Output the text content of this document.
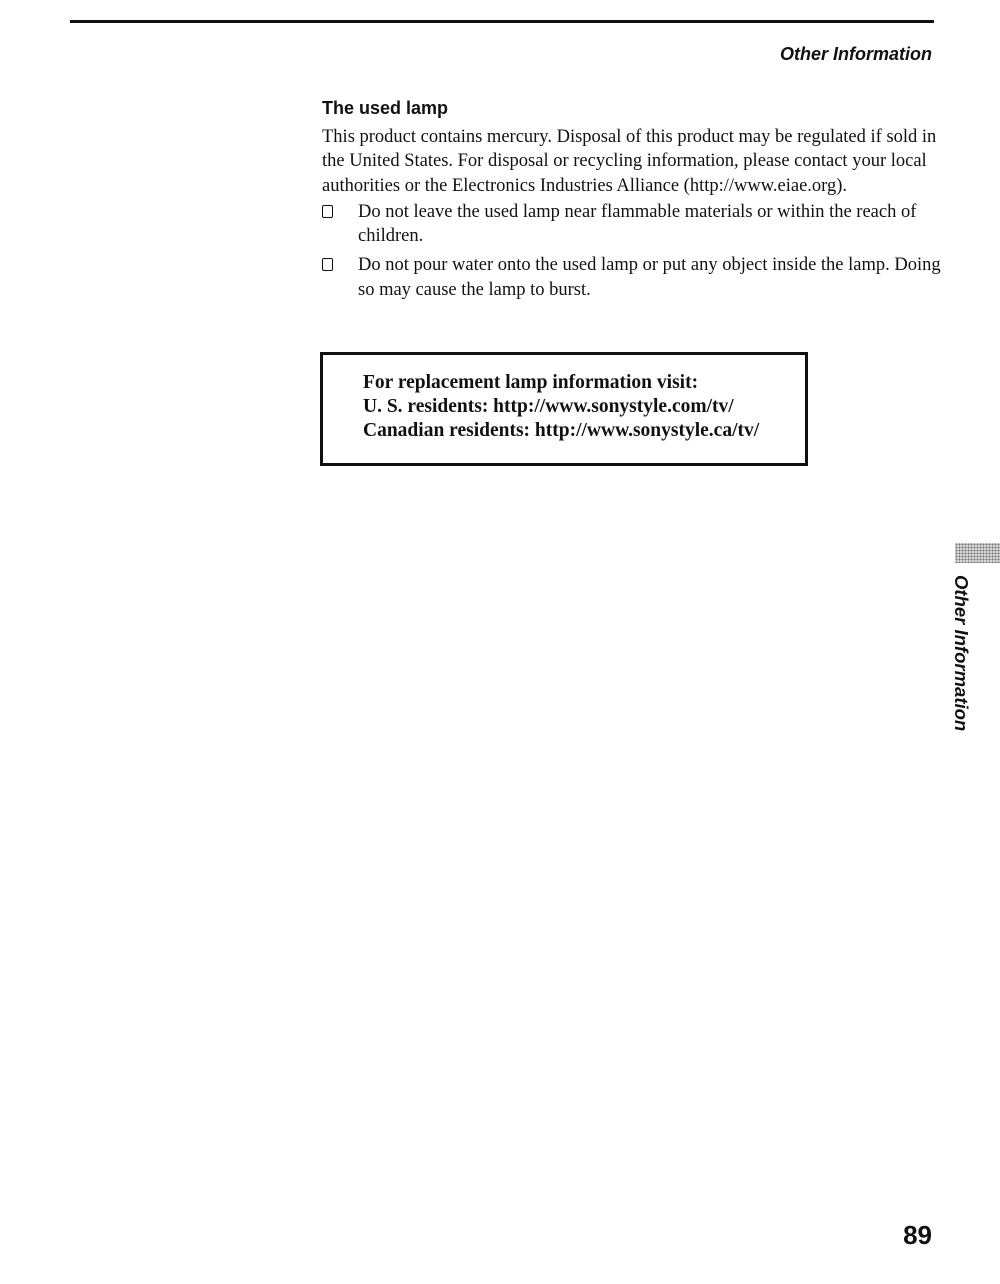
Other Information
The used lamp

This product contains mercury. Disposal of this product may be regulated if sold in the United States. For disposal or recycling information, please contact your local authorities or the Electronics Industries Alliance (http://www.eiae.org).

Do not leave the used lamp near flammable materials or within the reach of children.
Do not pour water onto the used lamp or put any object inside the lamp. Doing so may cause the lamp to burst.
For replacement lamp information visit:
U. S. residents: http://www.sonystyle.com/tv/
Canadian residents: http://www.sonystyle.ca/tv/
Other Information
89
